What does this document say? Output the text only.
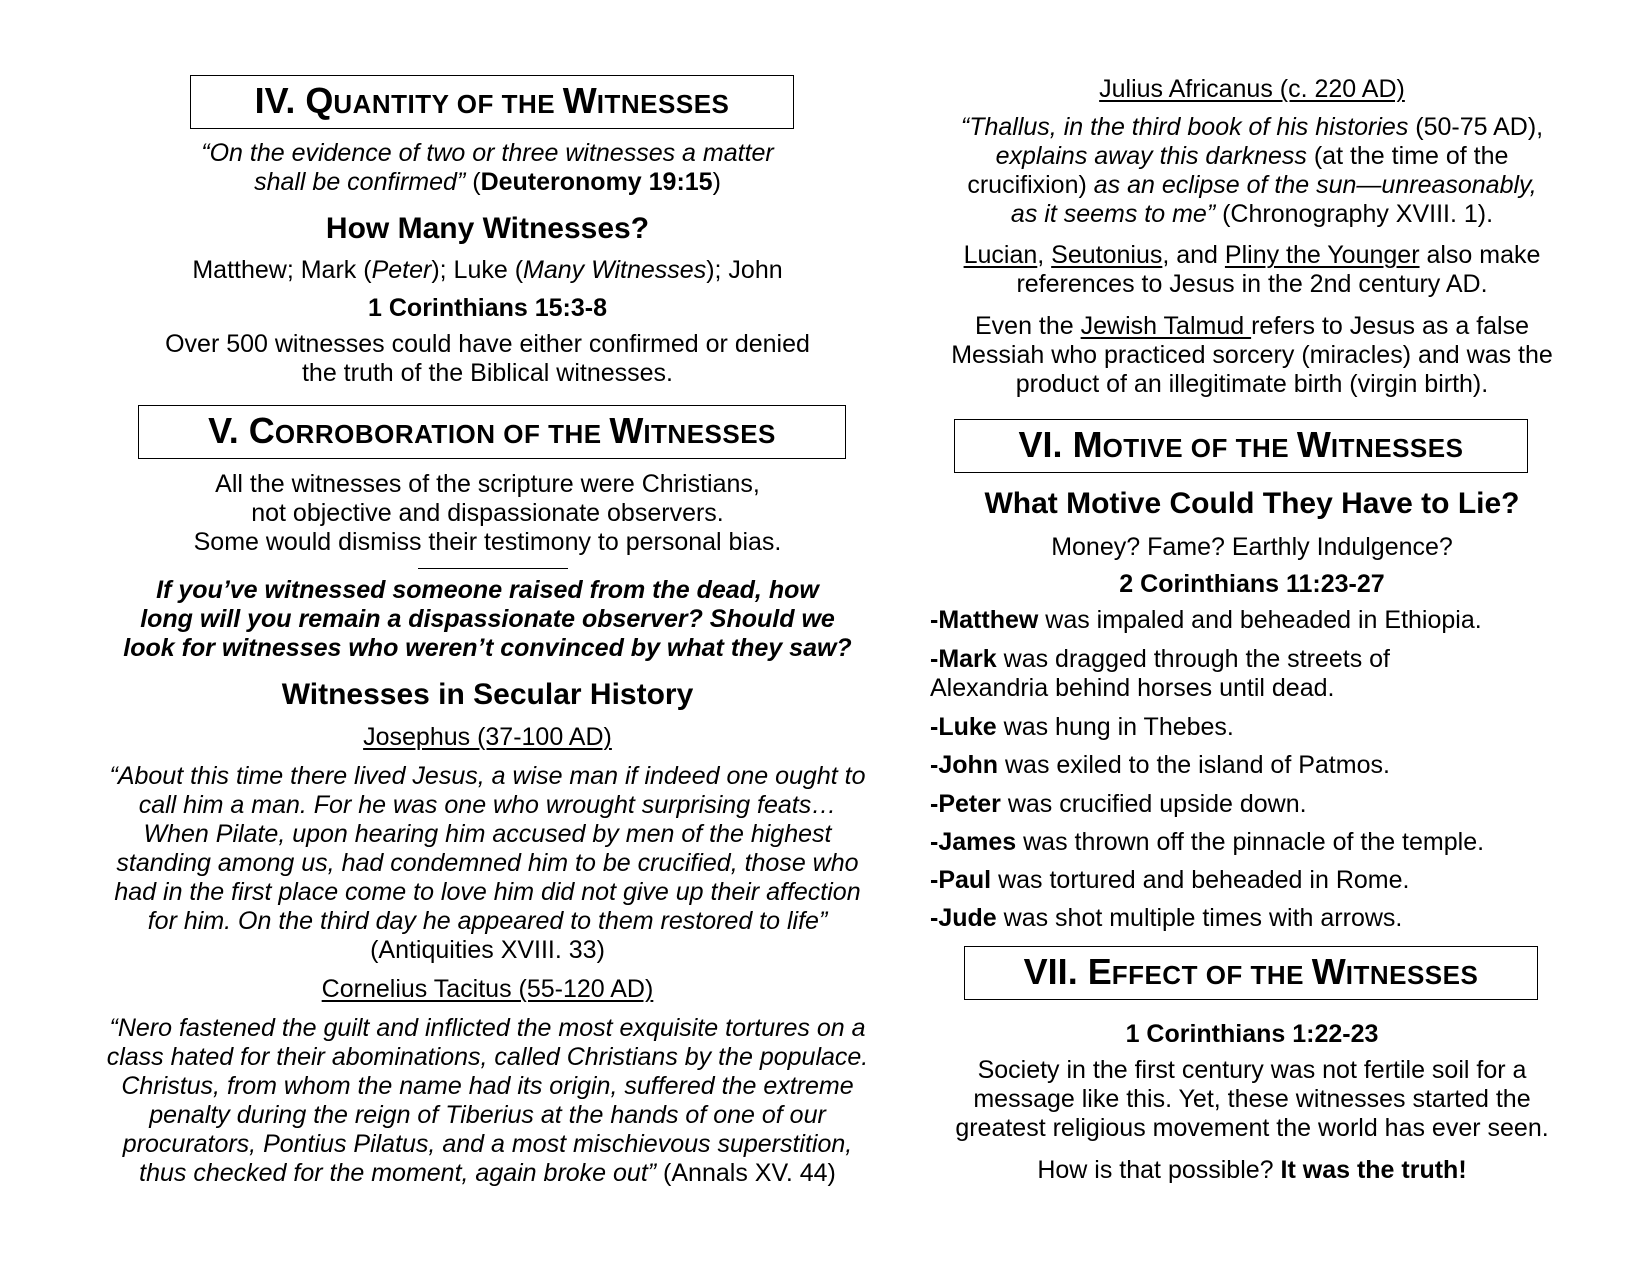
IV. QUANTITY OF THE WITNESSES
“On the evidence of two or three witnesses a matter
shall be confirmed” (Deuteronomy 19:15)
How Many Witnesses?
Matthew; Mark (Peter); Luke (Many Witnesses); John
1 Corinthians 15:3-8
Over 500 witnesses could have either confirmed or denied
the truth of the Biblical witnesses.
V. CORROBORATION OF THE WITNESSES
All the witnesses of the scripture were Christians,
not objective and dispassionate observers.
Some would dismiss their testimony to personal bias.
If you’ve witnessed someone raised from the dead, how
long will you remain a dispassionate observer? Should we
look for witnesses who weren’t convinced by what they saw?
Witnesses in Secular History
Josephus (37-100 AD)
“About this time there lived Jesus, a wise man if indeed one ought to
call him a man. For he was one who wrought surprising feats…
When Pilate, upon hearing him accused by men of the highest
standing among us, had condemned him to be crucified, those who
had in the first place come to love him did not give up their affection
for him. On the third day he appeared to them restored to life”
(Antiquities XVIII. 33)
Cornelius Tacitus (55-120 AD)
“Nero fastened the guilt and inflicted the most exquisite tortures on a
class hated for their abominations, called Christians by the populace.
Christus, from whom the name had its origin, suffered the extreme
penalty during the reign of Tiberius at the hands of one of our
procurators, Pontius Pilatus, and a most mischievous superstition,
thus checked for the moment, again broke out” (Annals XV. 44)
Julius Africanus (c. 220 AD)
“Thallus, in the third book of his histories (50-75 AD),
explains away this darkness (at the time of the
crucifixion) as an eclipse of the sun—unreasonably,
as it seems to me” (Chronography XVIII. 1).
Lucian, Seutonius, and Pliny the Younger also make
references to Jesus in the 2nd century AD.
Even the Jewish Talmud refers to Jesus as a false
Messiah who practiced sorcery (miracles) and was the
product of an illegitimate birth (virgin birth).
VI. MOTIVE OF THE WITNESSES
What Motive Could They Have to Lie?
Money? Fame? Earthly Indulgence?
2 Corinthians 11:23-27
-Matthew was impaled and beheaded in Ethiopia.
-Mark was dragged through the streets of
Alexandria behind horses until dead.
-Luke was hung in Thebes.
-John was exiled to the island of Patmos.
-Peter was crucified upside down.
-James was thrown off the pinnacle of the temple.
-Paul was tortured and beheaded in Rome.
-Jude was shot multiple times with arrows.
VII. EFFECT OF THE WITNESSES
1 Corinthians 1:22-23
Society in the first century was not fertile soil for a
message like this. Yet, these witnesses started the
greatest religious movement the world has ever seen.
How is that possible? It was the truth!
